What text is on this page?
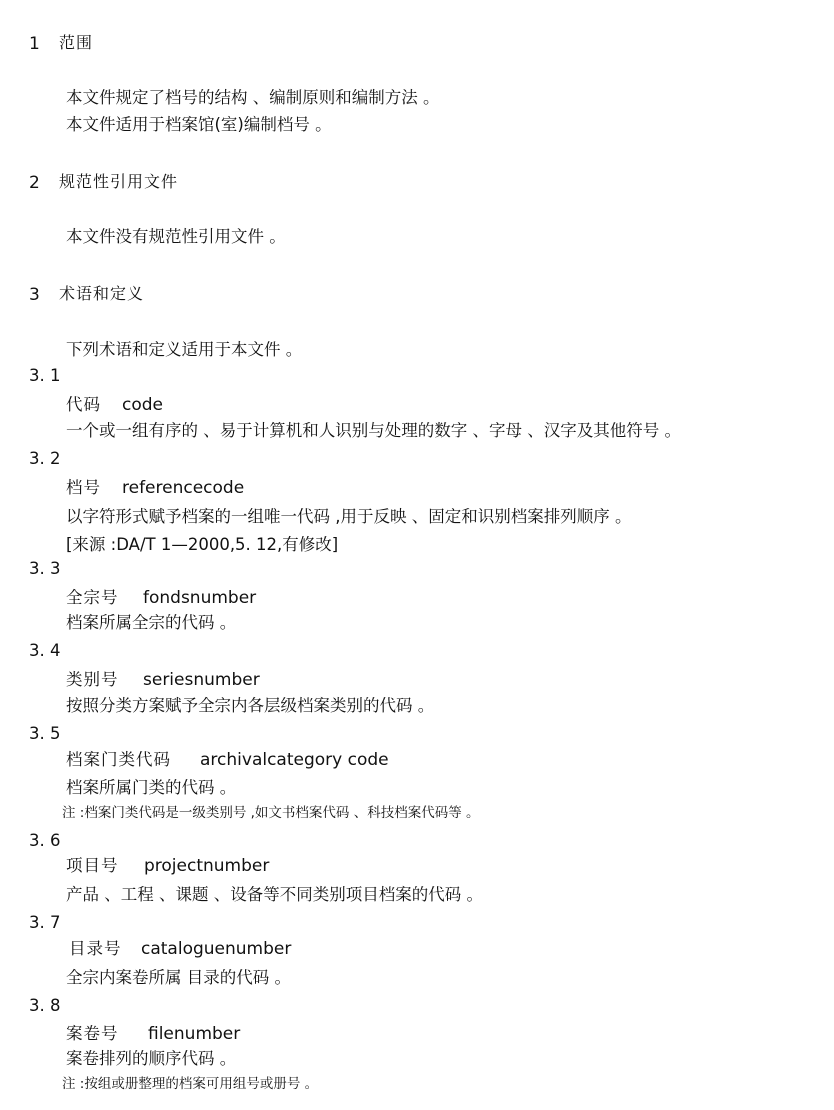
1 范围
本文件规定了档号的结构 、编制原则和编制方法 。
本文件适用于档案馆(室)编制档号 。
2 规范性引用文件
本文件没有规范性引用文件 。
3 术语和定义
下列术语和定义适用于本文件 。
3. 1
代码 code
一个或一组有序的 、易于计算机和人识别与处理的数字 、字母 、汉字及其他符号 。
3. 2
档号 referencecode
以字符形式赋予档案的一组唯一代码 ,用于反映 、固定和识别档案排列顺序 。
[来源 :DA/T 1—2000,5. 12,有修改]
3. 3
全宗号 fondsnumber
档案所属全宗的代码 。
3. 4
类别号 seriesnumber
按照分类方案赋予全宗内各层级档案类别的代码 。
3. 5
档案门类代码 archivalcategory code
档案所属门类的代码 。
注 :档案门类代码是一级类别号 ,如文书档案代码 、科技档案代码等 。
3. 6
项目号 projectnumber
产品 、工程 、课题 、设备等不同类别项目档案的代码 。
3. 7
目录号 cataloguenumber
全宗内案卷所属 目录的代码 。
3. 8
案卷号 filenumber
案卷排列的顺序代码 。
注 :按组或册整理的档案可用组号或册号 。
